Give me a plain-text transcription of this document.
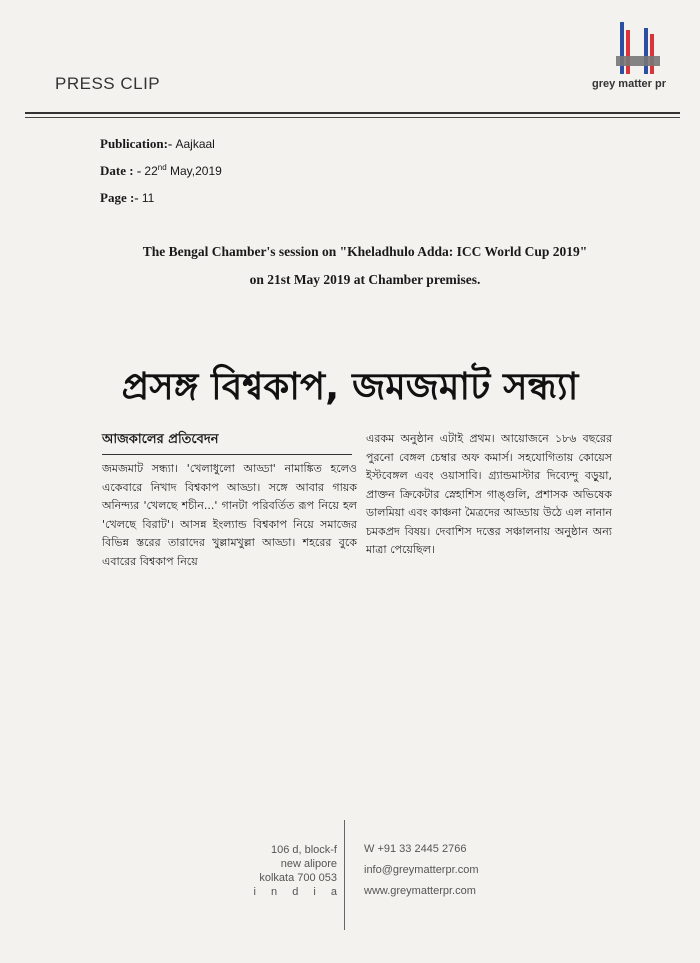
PRESS CLIP	grey matter pr
Publication:- Aajkaal
Date : - 22nd May,2019
Page :- 11
The Bengal Chamber's session on "Kheladhulo Adda: ICC World Cup 2019"
on 21st May 2019 at Chamber premises.
প্রসঙ্গ বিশ্বকাপ, জমজমাট সন্ধ্যা
আজকালের প্রতিবেদন
জমজমাট সন্ধ্যা। 'খেলাধুলো আড্ডা' নামাঙ্কিত হলেও একেবারে নিখাদ বিশ্বকাপ আড্ডা। সঙ্গে আবার গায়ক অনিন্দ্যর 'খেলছে শচীন...' গানটা পরিবর্তিত রূপ নিয়ে হল 'খেলছে বিরাট'। আসন্ন ইংল্যান্ড বিশ্বকাপ নিয়ে সমাজের বিভিন্ন স্তরের তারাদের খুল্লামখুল্লা আড্ডা। শহরের বুকে এবারের বিশ্বকাপ নিয়ে
এরকম অনুষ্ঠান এটাই প্রথম। আয়োজনে ১৮৬ বছরের পুরনো বেঙ্গল চেম্বার অফ কমার্স। সহযোগিতায় কোয়েস ইস্টবেঙ্গল এবং ওয়াসাবি। গ্র্যান্ডমাস্টার দিব্যেন্দু বড়ুয়া, প্রাক্তন ক্রিকেটার স্নেহাশিস গাঙ্গুলি, প্রশাসক অভিষেক ডালমিয়া এবং কাঞ্চনা মৈত্রদের আড্ডায় উঠে এল নানান চমকপ্রদ বিষয়। দেবাশিস দত্তের সঞ্চালনায় অনুষ্ঠান অন্য মাত্রা পেয়েছিল।
106 d, block-f
new alipore
kolkata 700 053
i n d i a
W +91 33 2445 2766
info@greymatterpr.com
www.greymatterpr.com
